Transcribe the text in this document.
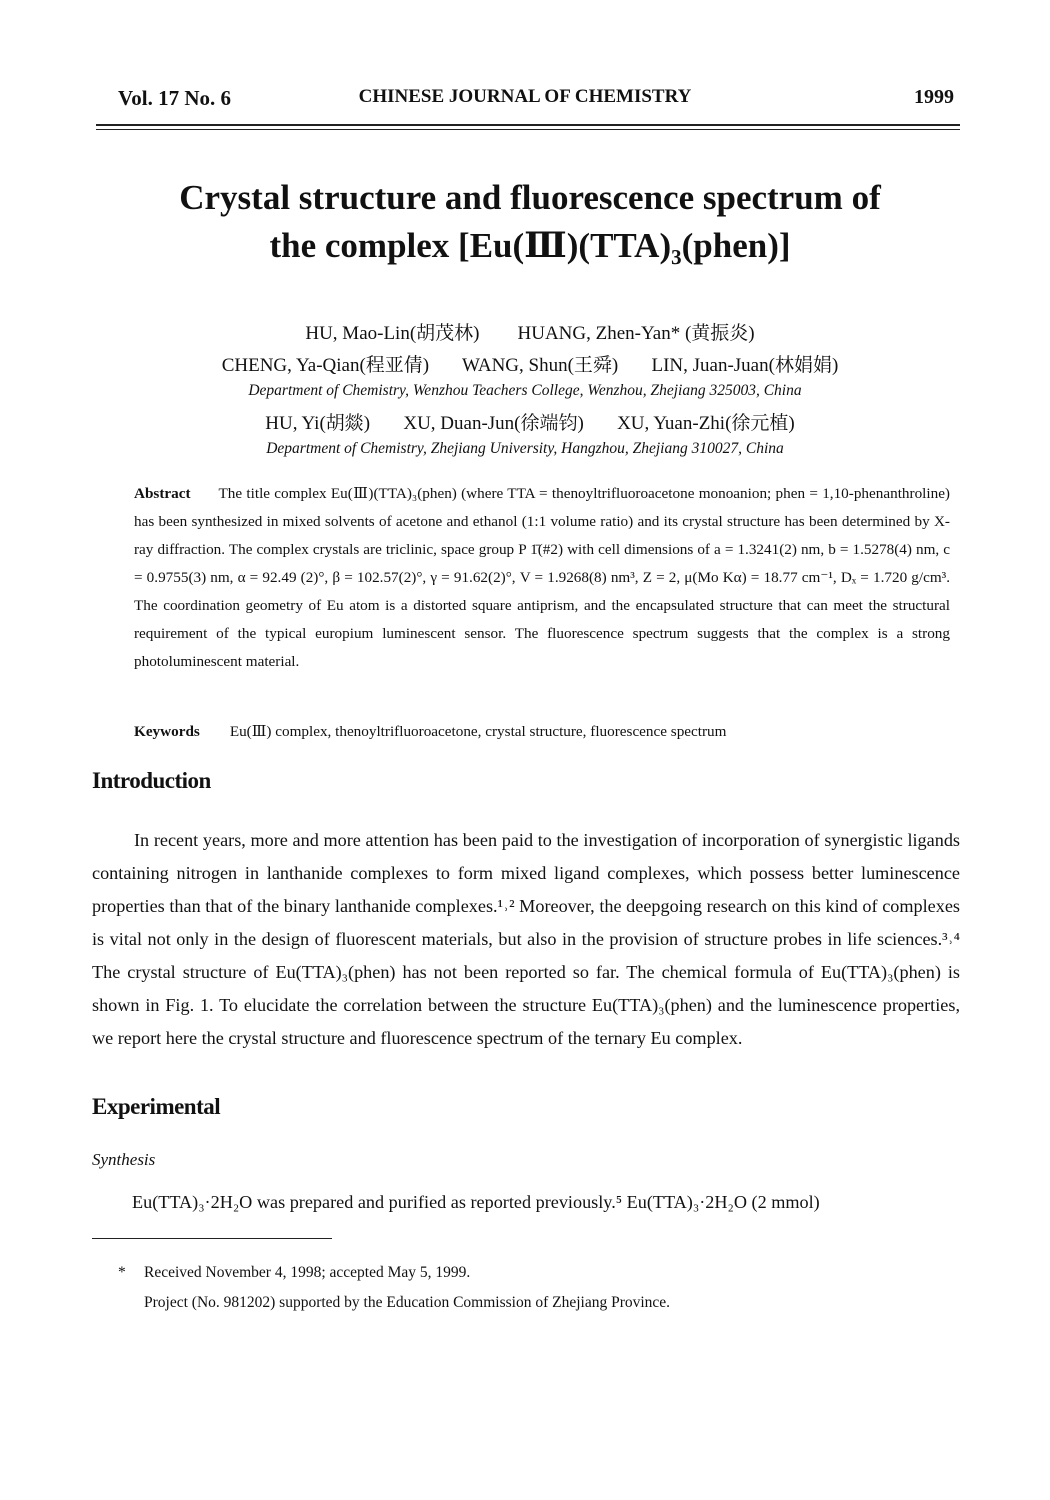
Vol. 17 No. 6	CHINESE JOURNAL OF CHEMISTRY	1999
Crystal structure and fluorescence spectrum of
the complex [Eu(Ⅲ)(TTA)₃(phen)]
HU, Mao-Lin(胡茂林)        HUANG, Zhen-Yan* (黄振炎)
CHENG, Ya-Qian(程亚倩)       WANG, Shun(王舜)       LIN, Juan-Juan(林娟娟)
Department of Chemistry, Wenzhou Teachers College, Wenzhou, Zhejiang 325003, China
HU, Yi(胡燚)       XU, Duan-Jun(徐端钧)       XU, Yuan-Zhi(徐元植)
Department of Chemistry, Zhejiang University, Hangzhou, Zhejiang 310027, China
Abstract The title complex Eu(Ⅲ)(TTA)₃(phen) (where TTA = thenoyltrifluoroacetone monoanion; phen = 1,10-phenanthroline) has been synthesized in mixed solvents of acetone and ethanol (1:1 volume ratio) and its crystal structure has been determined by X-ray diffraction. The complex crystals are triclinic, space group P 1̄(#2) with cell dimensions of a = 1.3241(2) nm, b = 1.5278(4) nm, c = 0.9755(3) nm, α = 92.49 (2)°, β = 102.57(2)°, γ = 91.62(2)°, V = 1.9268(8) nm³, Z = 2, μ(Mo Kα) = 18.77 cm⁻¹, Dₓ = 1.720 g/cm³. The coordination geometry of Eu atom is a distorted square antiprism, and the encapsulated structure that can meet the structural requirement of the typical europium luminescent sensor. The fluorescence spectrum suggests that the complex is a strong photoluminescent material.
Keywords Eu(Ⅲ) complex, thenoyltrifluoroacetone, crystal structure, fluorescence spectrum
Introduction
In recent years, more and more attention has been paid to the investigation of incorporation of synergistic ligands containing nitrogen in lanthanide complexes to form mixed ligand complexes, which possess better luminescence properties than that of the binary lanthanide complexes.¹˒² Moreover, the deepgoing research on this kind of complexes is vital not only in the design of fluorescent materials, but also in the provision of structure probes in life sciences.³˒⁴ The crystal structure of Eu(TTA)₃(phen) has not been reported so far. The chemical formula of Eu(TTA)₃(phen) is shown in Fig. 1. To elucidate the correlation between the structure Eu(TTA)₃(phen) and the luminescence properties, we report here the crystal structure and fluorescence spectrum of the ternary Eu complex.
Experimental
Synthesis
Eu(TTA)₃·2H₂O was prepared and purified as reported previously.⁵ Eu(TTA)₃·2H₂O (2 mmol)
* Received November 4, 1998; accepted May 5, 1999.
Project (No. 981202) supported by the Education Commission of Zhejiang Province.
